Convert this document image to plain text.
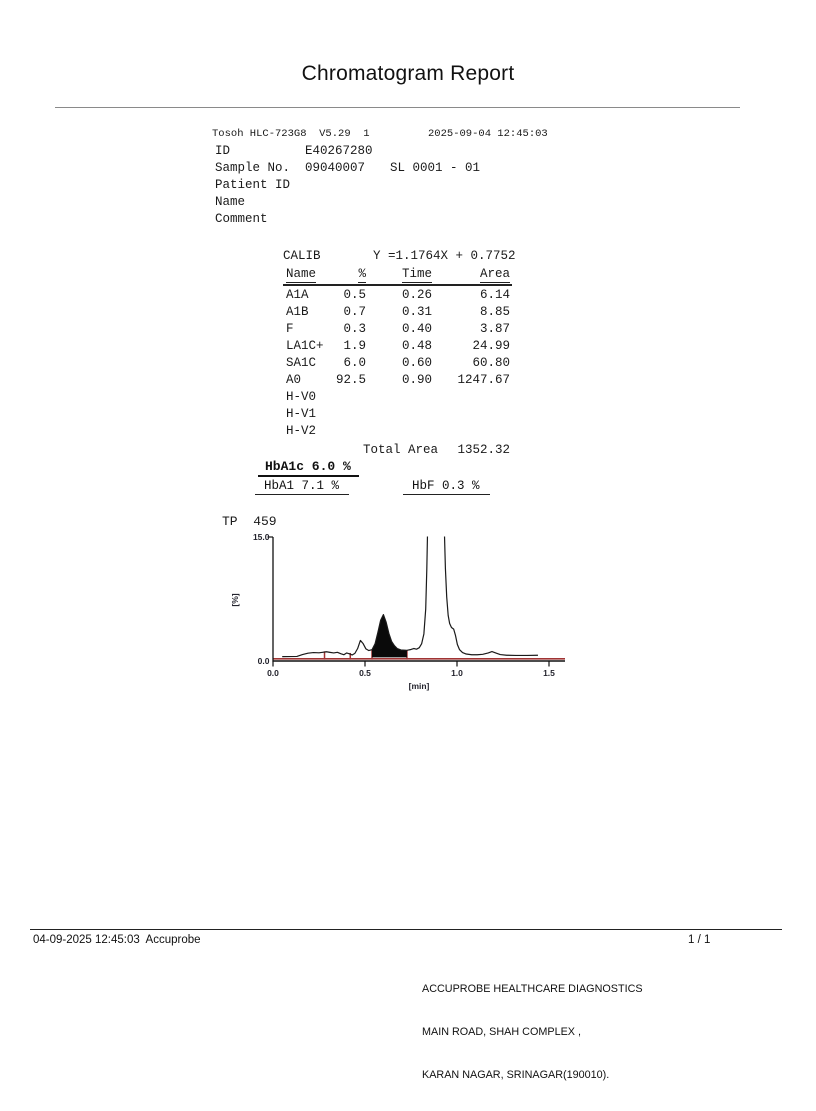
Chromatogram Report
Tosoh HLC-723G8  V5.29  1	2025-09-04 12:45:03
ID	E40267280
Sample No. 09040007 SL 0001 - 01
Patient ID
Name
Comment
CALIB	Y =1.1764X + 0.7752
Name	%	Time	Area
A1A	0.5	0.26	6.14
A1B	0.7	0.31	8.85
F	0.3	0.40	3.87
LA1C+	1.9	0.48	24.99
SA1C	6.0	0.60	60.80
A0	92.5	0.90	1247.67
H-V0
H-V1
H-V2
Total Area	1352.32
HbA1c 6.0 %
HbA1 7.1 %	HbF 0.3 %
TP  459
15.0
0.0
0.0	0.5	1.0	1.5
[min]
[%]
04-09-2025 12:45:03  Accuprobe	1 / 1

ACCUPROBE HEALTHCARE DIAGNOSTICS

MAIN ROAD, SHAH COMPLEX ,

KARAN NAGAR, SRINAGAR(190010).
